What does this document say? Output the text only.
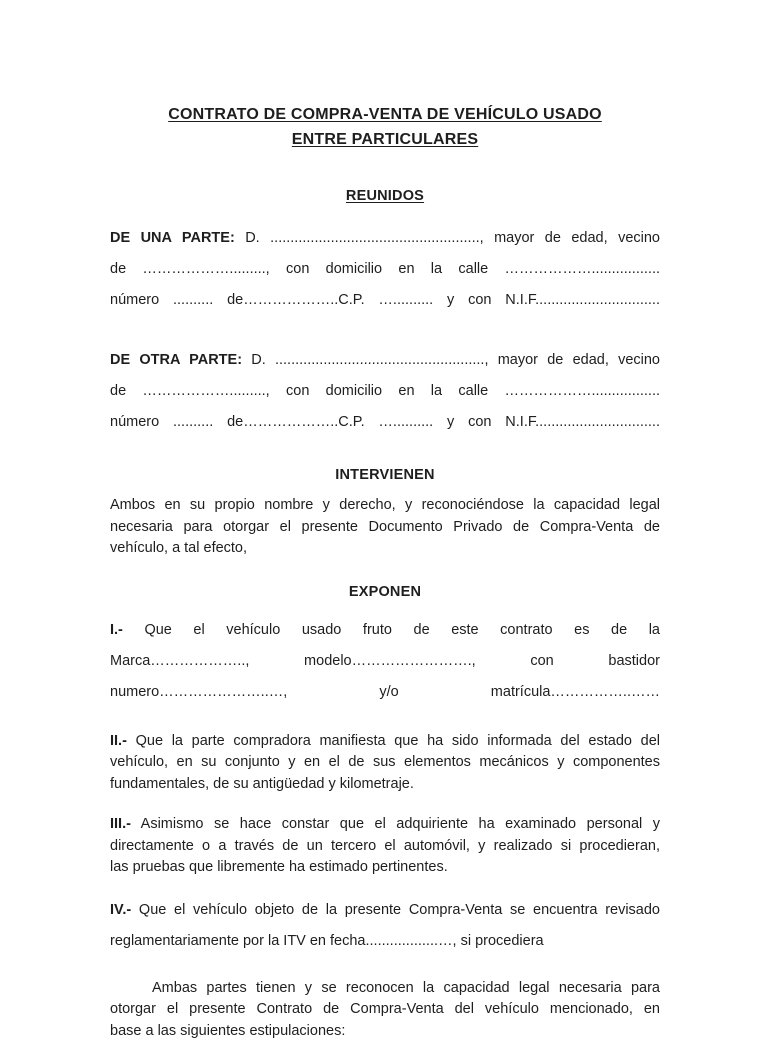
CONTRATO DE COMPRA-VENTA DE VEHÍCULO USADO
ENTRE PARTICULARES
REUNIDOS
DE UNA PARTE: D. ...................................................., mayor de edad, vecino
de ………………........., con domicilio en la calle ……………….................
número .......... de………………..C.P. ….......... y con N.I.F...............................
DE OTRA PARTE: D. ...................................................., mayor de edad, vecino
de ………………........., con domicilio en la calle ……………….................
número .......... de………………..C.P. ….......... y con N.I.F...............................
INTERVIENEN
Ambos en su propio nombre y derecho, y reconociéndose la capacidad legal
necesaria para otorgar el presente Documento Privado de Compra-Venta de
vehículo, a tal efecto,
EXPONEN
I.- Que el vehículo usado fruto de este contrato es de la
Marca……………….., modelo……………………., con bastidor
numero…………………..…, y/o matrícula……………..……
II.- Que la parte compradora manifiesta que ha sido informada del estado del
vehículo, en su conjunto y en el de sus elementos mecánicos y componentes
fundamentales, de su antigüedad y kilometraje.
III.- Asimismo se hace constar que el adquiriente ha examinado personal y
directamente o a través de un tercero el automóvil, y realizado si procedieran,
las pruebas que libremente ha estimado pertinentes.
IV.- Que el vehículo objeto de la presente Compra-Venta se encuentra revisado
reglamentariamente por la ITV en fecha..................…, si procediera
Ambas partes tienen y se reconocen la capacidad legal necesaria para
otorgar el presente Contrato de Compra-Venta del vehículo mencionado, en
base a las siguientes estipulaciones:
